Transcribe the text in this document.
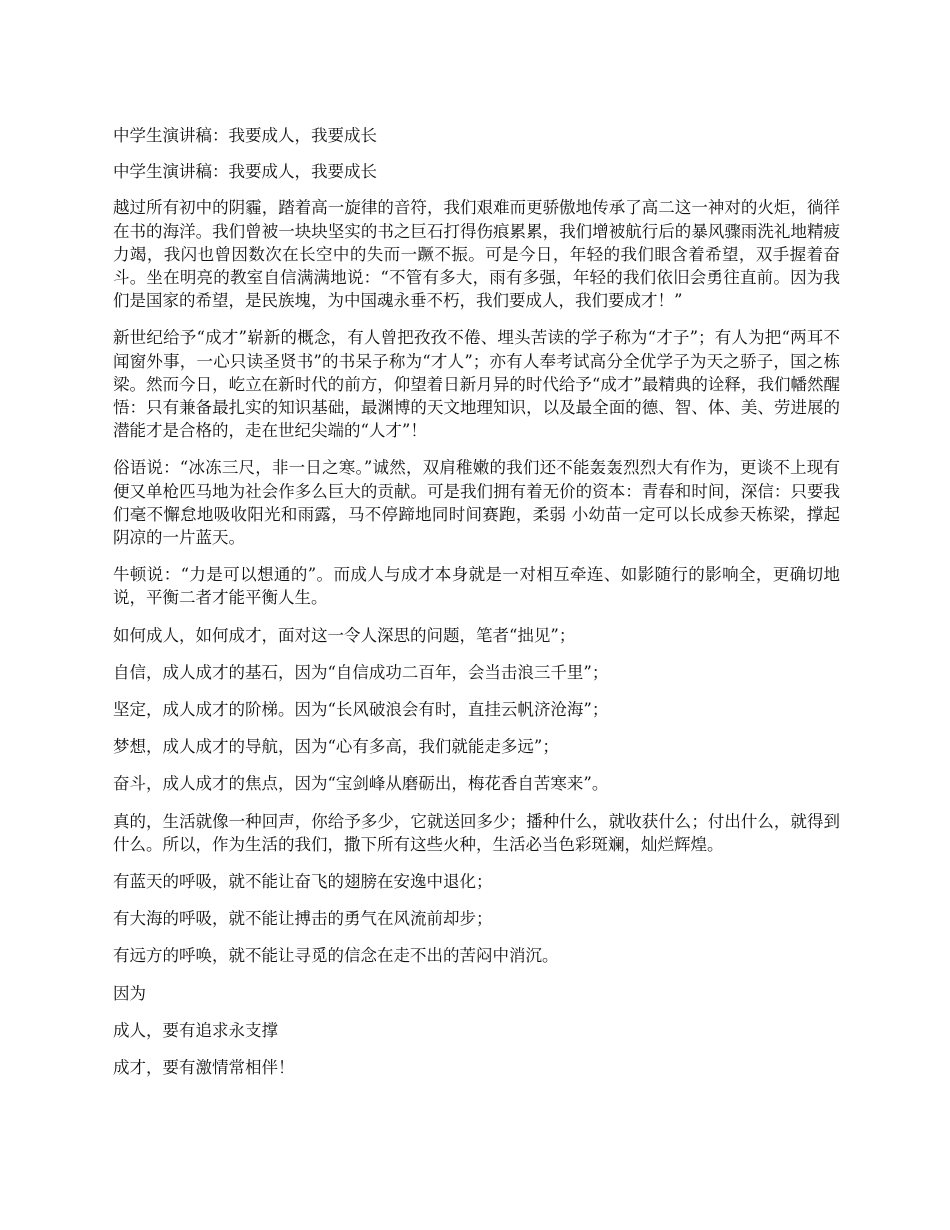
中学生演讲稿：我要成人，我要成长

中学生演讲稿：我要成人，我要成长

越过所有初中的阴霾，踏着高一旋律的音符，我们艰难而更骄傲地传承了高二这一神对的火炬，徜徉在书的海洋。我们曾被一块块坚实的书之巨石打得伤痕累累，我们增被航行后的暴风骤雨洗礼地精疲力竭，我闪也曾因数次在长空中的失而一蹶不振。可是今日，年轻的我们眼含着希望，双手握着奋斗。坐在明亮的教室自信满满地说：“不管有多大，雨有多强，年轻的我们依旧会勇往直前。因为我们是国家的希望，是民族塊，为中国魂永垂不朽，我们要成人，我们要成才！”

新世纪给予“成才”崭新的概念，有人曾把孜孜不倦、埋头苦读的学子称为“才子”；有人为把“两耳不闻窗外事，一心只读圣贤书”的书呆子称为“才人”；亦有人奉考试高分全优学子为天之骄子，国之栋梁。然而今日，屹立在新时代的前方，仰望着日新月异的时代给予“成才”最精典的诠释，我们幡然醒悟：只有兼备最扎实的知识基础，最渊博的天文地理知识，以及最全面的德、智、体、美、劳进展的潜能才是合格的，走在世纪尖端的“人才”！

俗语说：“冰冻三尺，非一日之寒。”诚然，双肩稚嫩的我们还不能轰轰烈烈大有作为，更谈不上现有便又单枪匹马地为社会作多么巨大的贡献。可是我们拥有着无价的资本：青春和时间，深信：只要我们毫不懈怠地吸收阳光和雨露，马不停蹄地同时间赛跑，柔弱 小幼苗一定可以长成参天栋梁，撑起阴凉的一片蓝天。

牛顿说：“力是可以想通的”。而成人与成才本身就是一对相互牵连、如影随行的影响全，更确切地说，平衡二者才能平衡人生。

如何成人，如何成才，面对这一令人深思的问题，笔者“拙见”；

自信，成人成才的基石，因为“自信成功二百年，会当击浪三千里”；

坚定，成人成才的阶梯。因为“长风破浪会有时，直挂云帆济沧海”；

梦想，成人成才的导航，因为“心有多高，我们就能走多远”；

奋斗，成人成才的焦点，因为“宝剑峰从磨砺出，梅花香自苦寒来”。

真的，生活就像一种回声，你给予多少，它就送回多少；播种什么，就收获什么；付出什么，就得到什么。所以，作为生活的我们，撒下所有这些火种，生活必当色彩斑斓，灿烂辉煌。

有蓝天的呼吸，就不能让奋飞的翅膀在安逸中退化；

有大海的呼吸，就不能让搏击的勇气在风流前却步；

有远方的呼唤，就不能让寻觅的信念在走不出的苦闷中消沉。

因为

成人，要有追求永支撑

成才，要有激情常相伴！
